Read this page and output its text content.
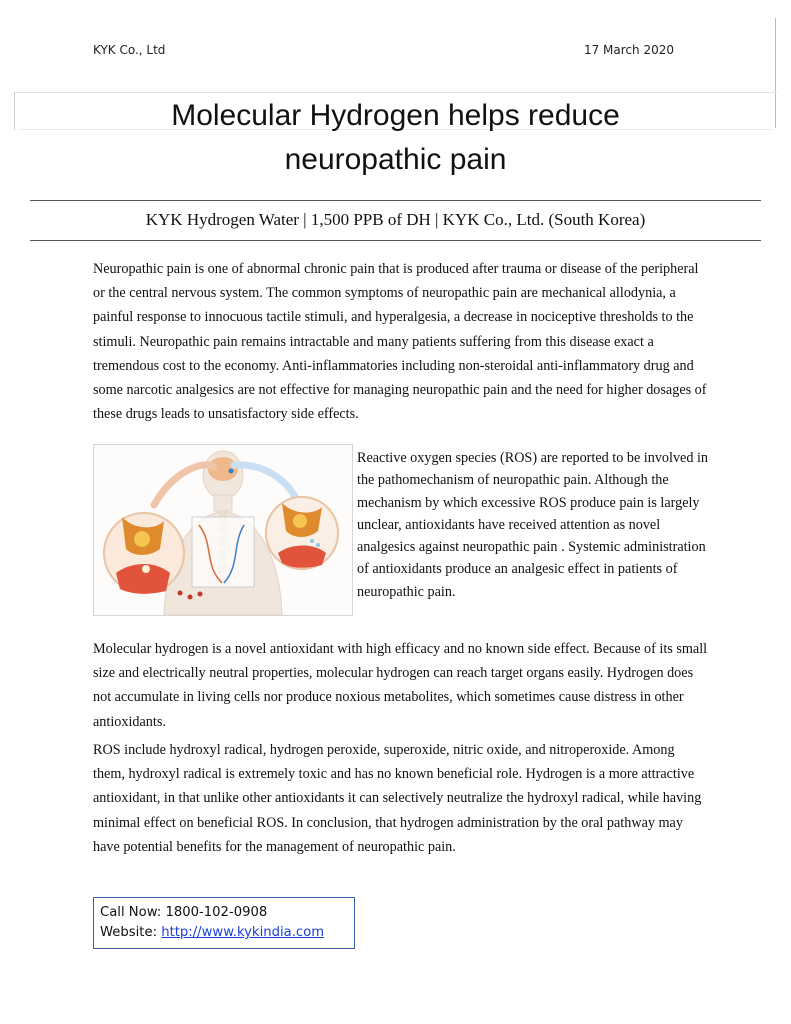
KYK Co., Ltd	17 March 2020
Molecular Hydrogen helps reduce
neuropathic pain
KYK Hydrogen Water | 1,500 PPB of DH | KYK Co., Ltd. (South Korea)

Neuropathic pain is one of abnormal chronic pain that is produced after trauma or disease of the peripheral or the central nervous system. The common symptoms of neuropathic pain are mechanical allodynia, a painful response to innocuous tactile stimuli, and hyperalgesia, a decrease in nociceptive thresholds to the stimuli. Neuropathic pain remains intractable and many patients suffering from this disease exact a tremendous cost to the economy. Anti-inflammatories including non-steroidal anti-inflammatory drug and some narcotic analgesics are not effective for managing neuropathic pain and the need for higher dosages of these drugs leads to unsatisfactory side effects.

Reactive oxygen species (ROS) are reported to be involved in the pathomechanism of neuropathic pain. Although the mechanism by which excessive ROS produce pain is largely unclear, antioxidants have received attention as novel analgesics against neuropathic pain . Systemic administration of antioxidants produce an analgesic effect in patients of neuropathic pain.

Molecular hydrogen is a novel antioxidant with high efficacy and no known side effect. Because of its small size and electrically neutral properties, molecular hydrogen can reach target organs easily. Hydrogen does not accumulate in living cells nor produce noxious metabolites, which sometimes cause distress in other antioxidants.

ROS include hydroxyl radical, hydrogen peroxide, superoxide, nitric oxide, and nitroperoxide. Among them, hydroxyl radical is extremely toxic and has no known beneficial role. Hydrogen is a more attractive antioxidant, in that unlike other antioxidants it can selectively neutralize the hydroxyl radical, while having minimal effect on beneficial ROS. In conclusion, that hydrogen administration by the oral pathway may have potential benefits for the management of neuropathic pain.

Call Now: 1800-102-0908
Website: http://www.kykindia.com
